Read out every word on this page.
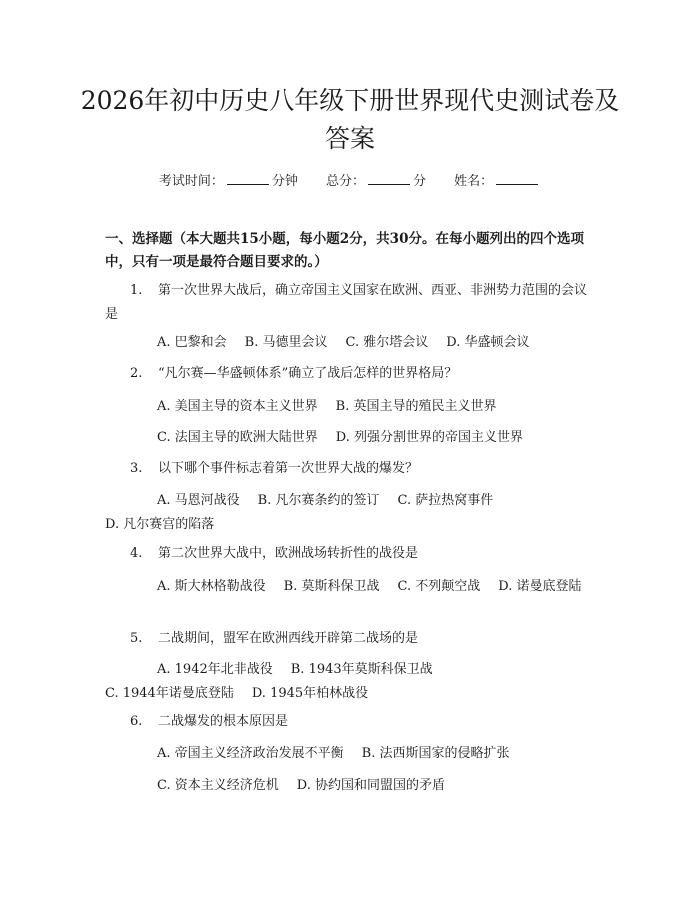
2026年初中历史八年级下册世界现代史测试卷及答案
考试时间：	分钟 总分：	分 姓名：

一、选择题（本大题共15小题，每小题2分，共30分。在每小题列出的四个选项中，只有一项是最符合题目要求的。）

1. 第一次世界大战后，确立帝国主义国家在欧洲、西亚、非洲势力范围的会议是
A. 巴黎和会 B. 马德里会议 C. 雅尔塔会议 D. 华盛顿会议
2. “凡尔赛—华盛顿体系”确立了战后怎样的世界格局？
A. 美国主导的资本主义世界 B. 英国主导的殖民主义世界
C. 法国主导的欧洲大陆世界 D. 列强分割世界的帝国主义世界
3. 以下哪个事件标志着第一次世界大战的爆发？
A. 马恩河战役 B. 凡尔赛条约的签订 C. 萨拉热窝事件D. 凡尔赛宫的陷落
4. 第二次世界大战中，欧洲战场转折性的战役是
A. 斯大林格勒战役 B. 莫斯科保卫战 C. 不列颠空战 D. 诺曼底登陆
5. 二战期间，盟军在欧洲西线开辟第二战场的是
A. 1942年北非战役 B. 1943年莫斯科保卫战C. 1944年诺曼底登陆 D. 1945年柏林战役
6. 二战爆发的根本原因是
A. 帝国主义经济政治发展不平衡 B. 法西斯国家的侵略扩张
C. 资本主义经济危机 D. 协约国和同盟国的矛盾
